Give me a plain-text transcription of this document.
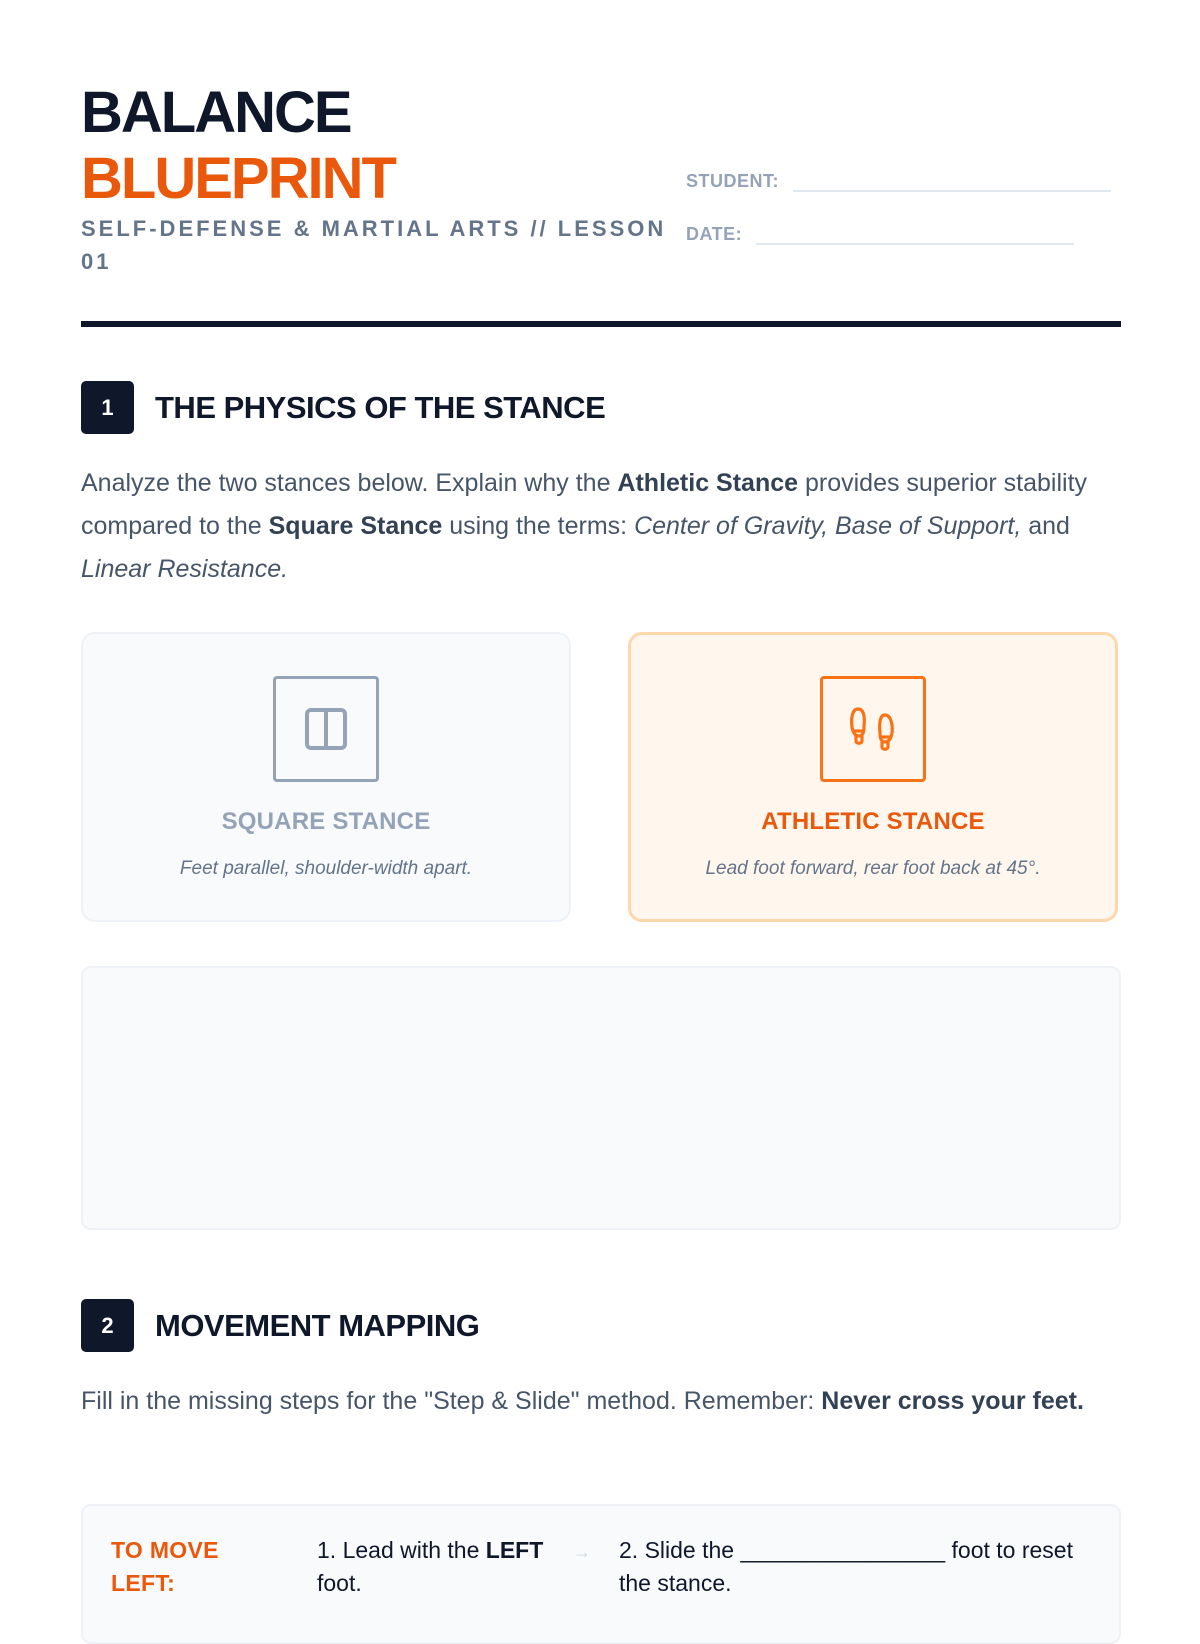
BALANCE
BLUEPRINT
SELF-DEFENSE & MARTIAL ARTS // LESSON 01
STUDENT:
DATE:
1	THE PHYSICS OF THE STANCE
Analyze the two stances below. Explain why the Athletic Stance provides superior stability compared to the Square Stance using the terms: Center of Gravity, Base of Support, and Linear Resistance.
SQUARE STANCE
Feet parallel, shoulder-width apart.
ATHLETIC STANCE
Lead foot forward, rear foot back at 45°.
2	MOVEMENT MAPPING
Fill in the missing steps for the "Step & Slide" method. Remember: Never cross your feet.
TO MOVE LEFT:
1. Lead with the LEFT foot.
→ 2. Slide the ________________ foot to reset the stance.
